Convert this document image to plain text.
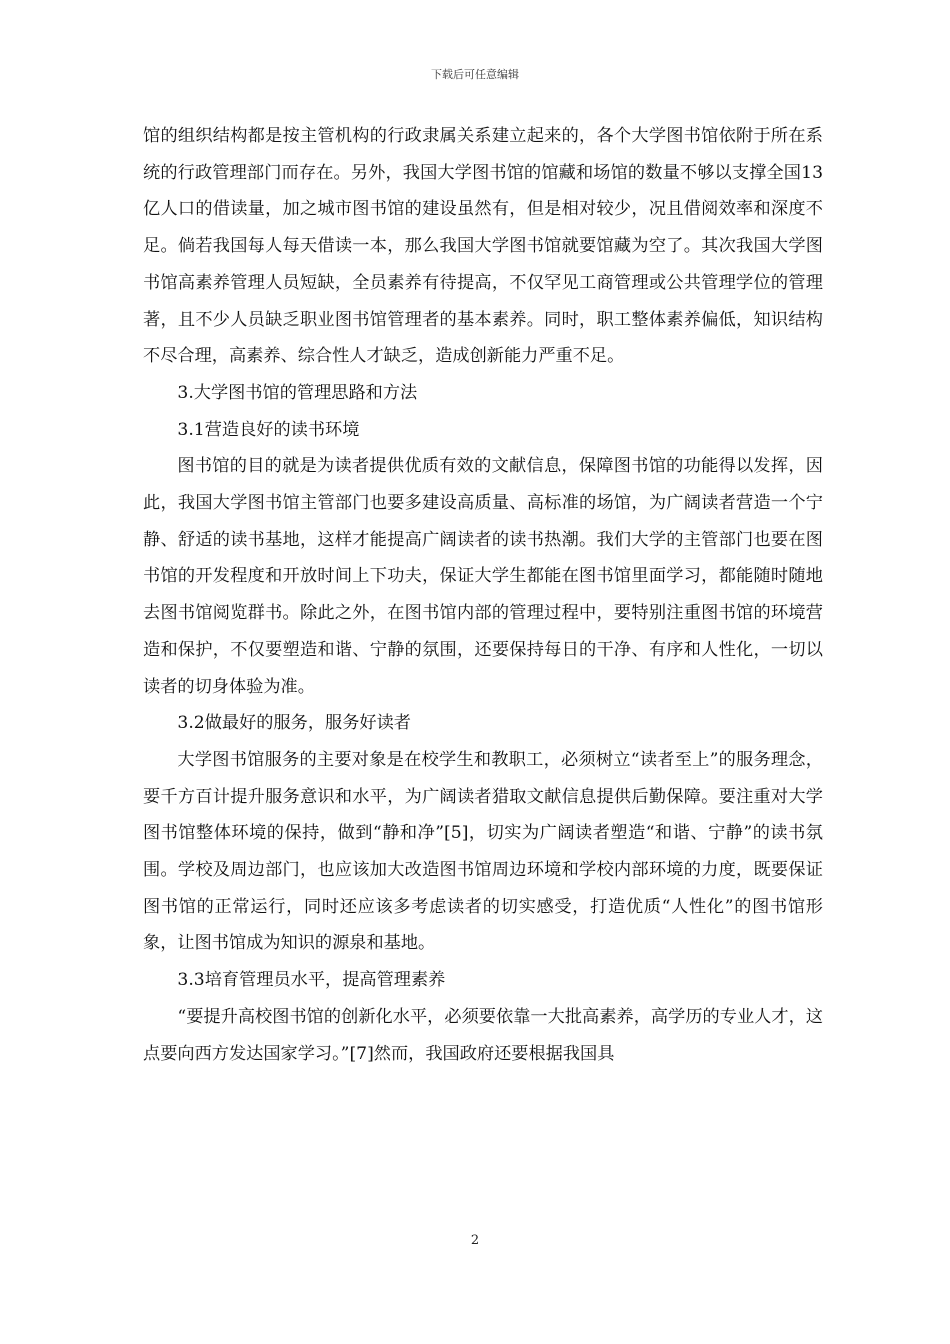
下载后可任意编辑

馆的组织结构都是按主管机构的行政隶属关系建立起来的，各个大学图书馆依附于所在系统的行政管理部门而存在。另外，我国大学图书馆的馆藏和场馆的数量不够以支撑全国13亿人口的借读量，加之城市图书馆的建设虽然有，但是相对较少，况且借阅效率和深度不足。倘若我国每人每天借读一本，那么我国大学图书馆就要馆藏为空了。其次我国大学图书馆高素养管理人员短缺，全员素养有待提高，不仅罕见工商管理或公共管理学位的管理著，且不少人员缺乏职业图书馆管理者的基本素养。同时，职工整体素养偏低，知识结构不尽合理，高素养、综合性人才缺乏，造成创新能力严重不足。

3.大学图书馆的管理思路和方法

3.1营造良好的读书环境

图书馆的目的就是为读者提供优质有效的文献信息，保障图书馆的功能得以发挥，因此，我国大学图书馆主管部门也要多建设高质量、高标准的场馆，为广阔读者营造一个宁静、舒适的读书基地，这样才能提高广阔读者的读书热潮。我们大学的主管部门也要在图书馆的开发程度和开放时间上下功夫，保证大学生都能在图书馆里面学习，都能随时随地去图书馆阅览群书。除此之外，在图书馆内部的管理过程中，要特别注重图书馆的环境营造和保护，不仅要塑造和谐、宁静的氛围，还要保持每日的干净、有序和人性化，一切以读者的切身体验为准。

3.2做最好的服务，服务好读者

大学图书馆服务的主要对象是在校学生和教职工，必须树立“读者至上”的服务理念，要千方百计提升服务意识和水平，为广阔读者猎取文献信息提供后勤保障。要注重对大学图书馆整体环境的保持，做到“静和净”[5]，切实为广阔读者塑造“和谐、宁静”的读书氛围。学校及周边部门，也应该加大改造图书馆周边环境和学校内部环境的力度，既要保证图书馆的正常运行，同时还应该多考虑读者的切实感受，打造优质“人性化”的图书馆形象，让图书馆成为知识的源泉和基地。

3.3培育管理员水平，提高管理素养

“要提升高校图书馆的创新化水平，必须要依靠一大批高素养，高学历的专业人才，这点要向西方发达国家学习。”[7]然而，我国政府还要根据我国具

2
